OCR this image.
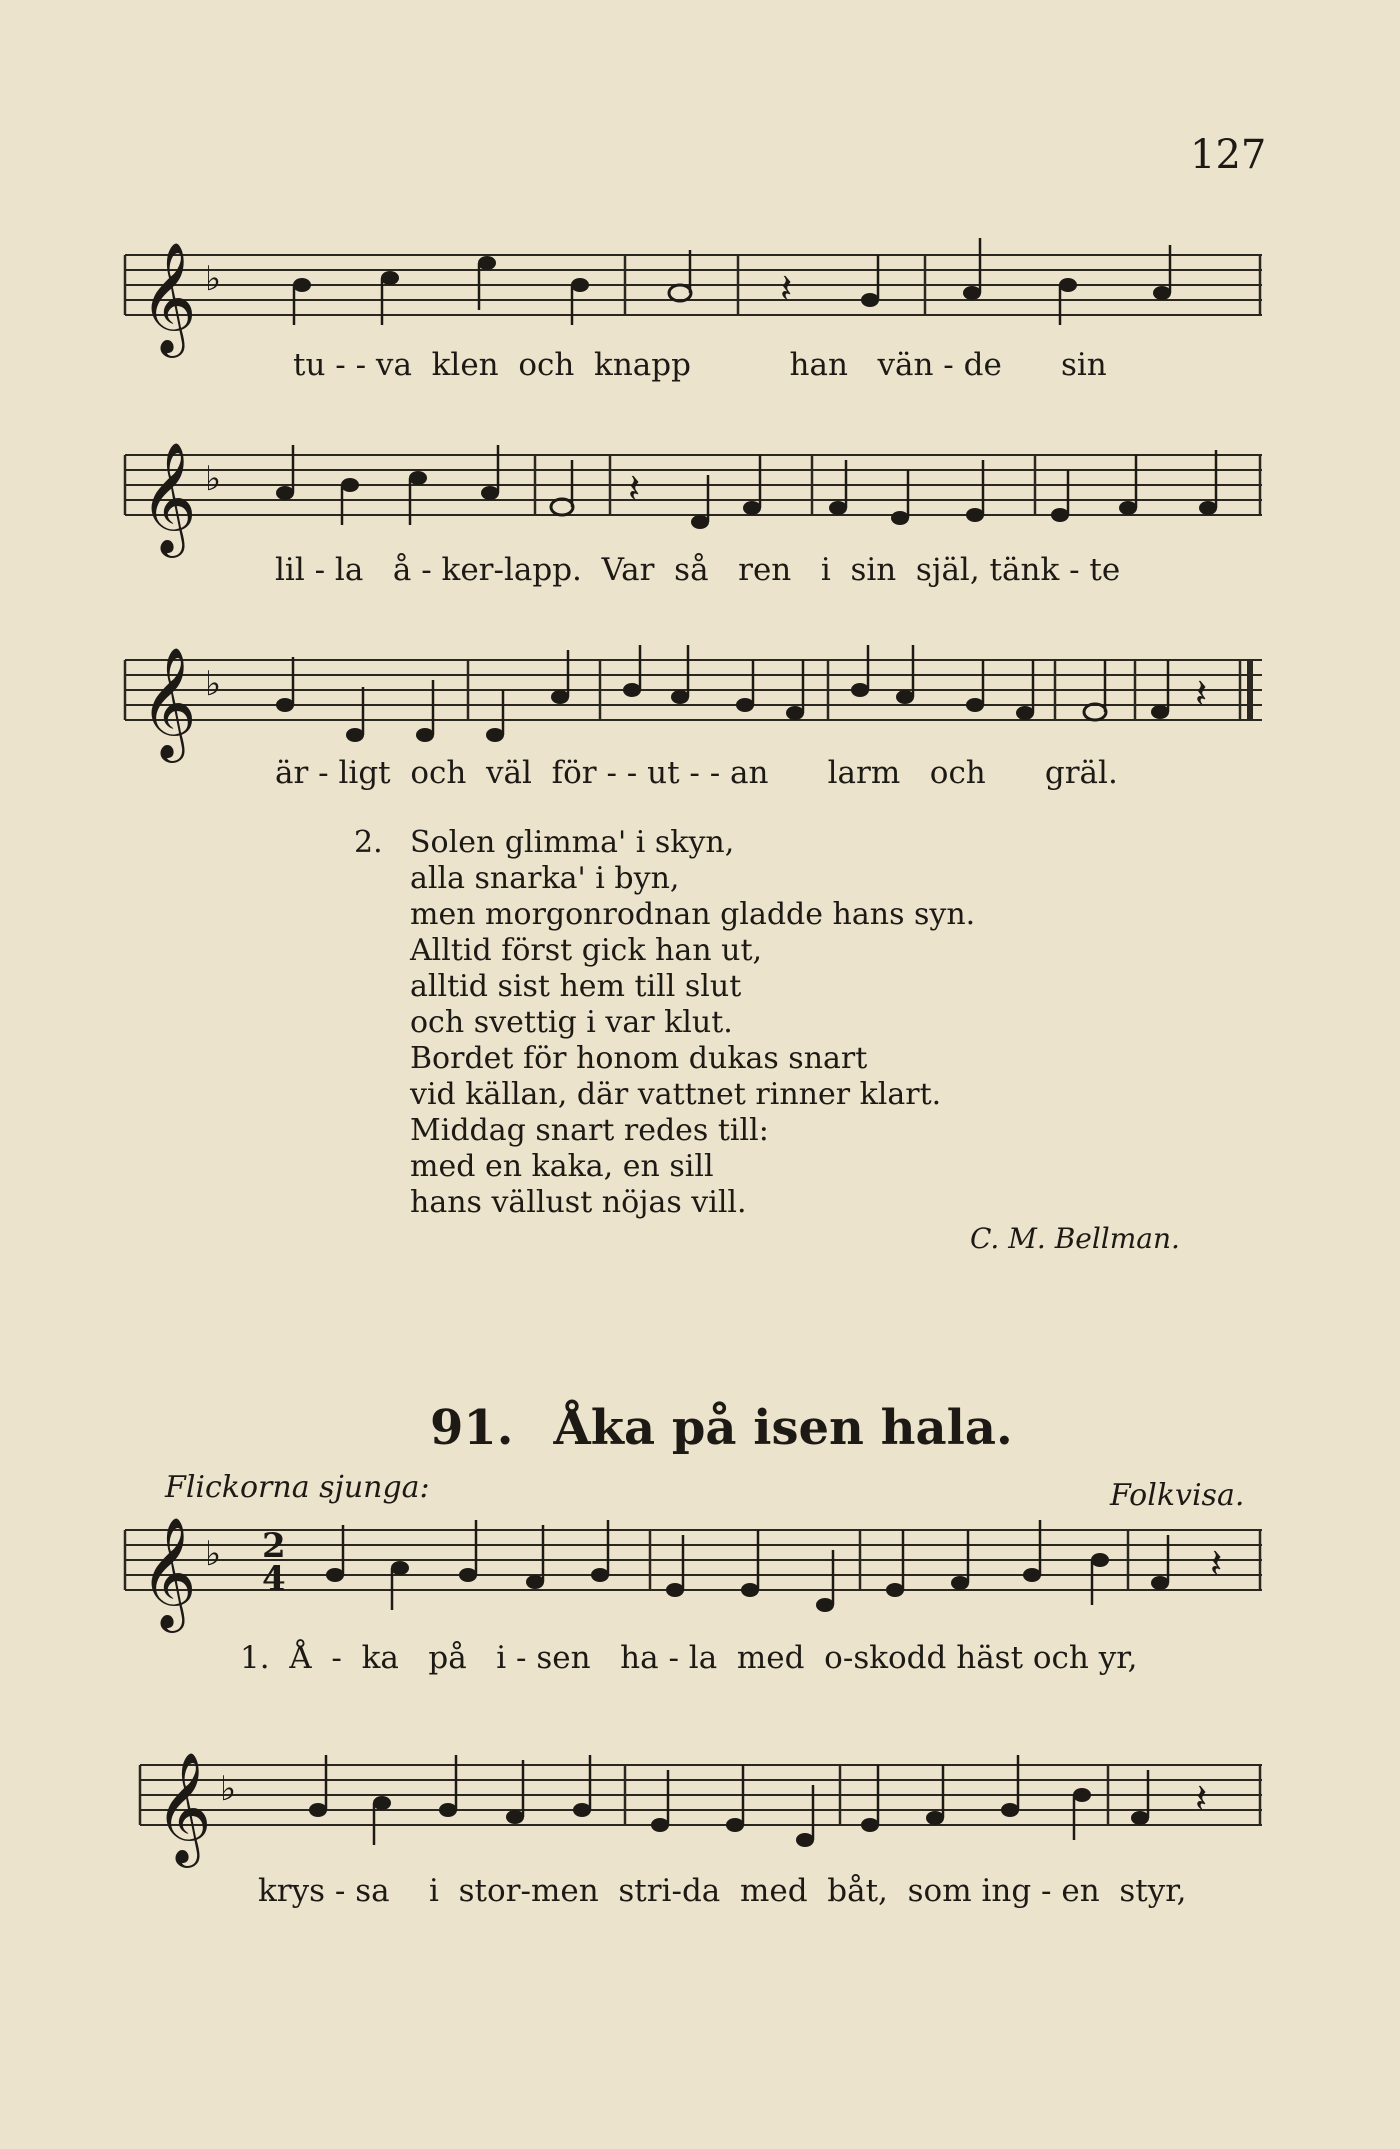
127
𝄞 ♭	𝄽
tu - - va  klen  och  knapp          han   vän - de      sin
𝄞 ♭	𝄽
lil - la   å - ker-lapp.  Var  så   ren   i  sin  själ, tänk - te
𝄞 ♭	𝄽
är - ligt  och  väl  för - - ut - - an      larm   och      gräl.
2. Solen glimma' i skyn,
alla snarka' i byn,
men morgonrodnan gladde hans syn.
Alltid först gick han ut,
alltid sist hem till slut
och svettig i var klut.
Bordet för honom dukas snart
vid källan, där vattnet rinner klart.
Middag snart redes till:
med en kaka, en sill
hans vällust nöjas vill.
C. M. Bellman.
91. Åka på isen hala.
Flickorna sjunga:	Folkvisa.
𝄞 ♭ 2
4	𝄽
1.  Å  -  ka   på   i - sen   ha - la  med  o-skodd häst och yr,
𝄞 ♭	𝄽
krys - sa    i  stor-men  stri-da  med  båt,  som ing - en  styr,
